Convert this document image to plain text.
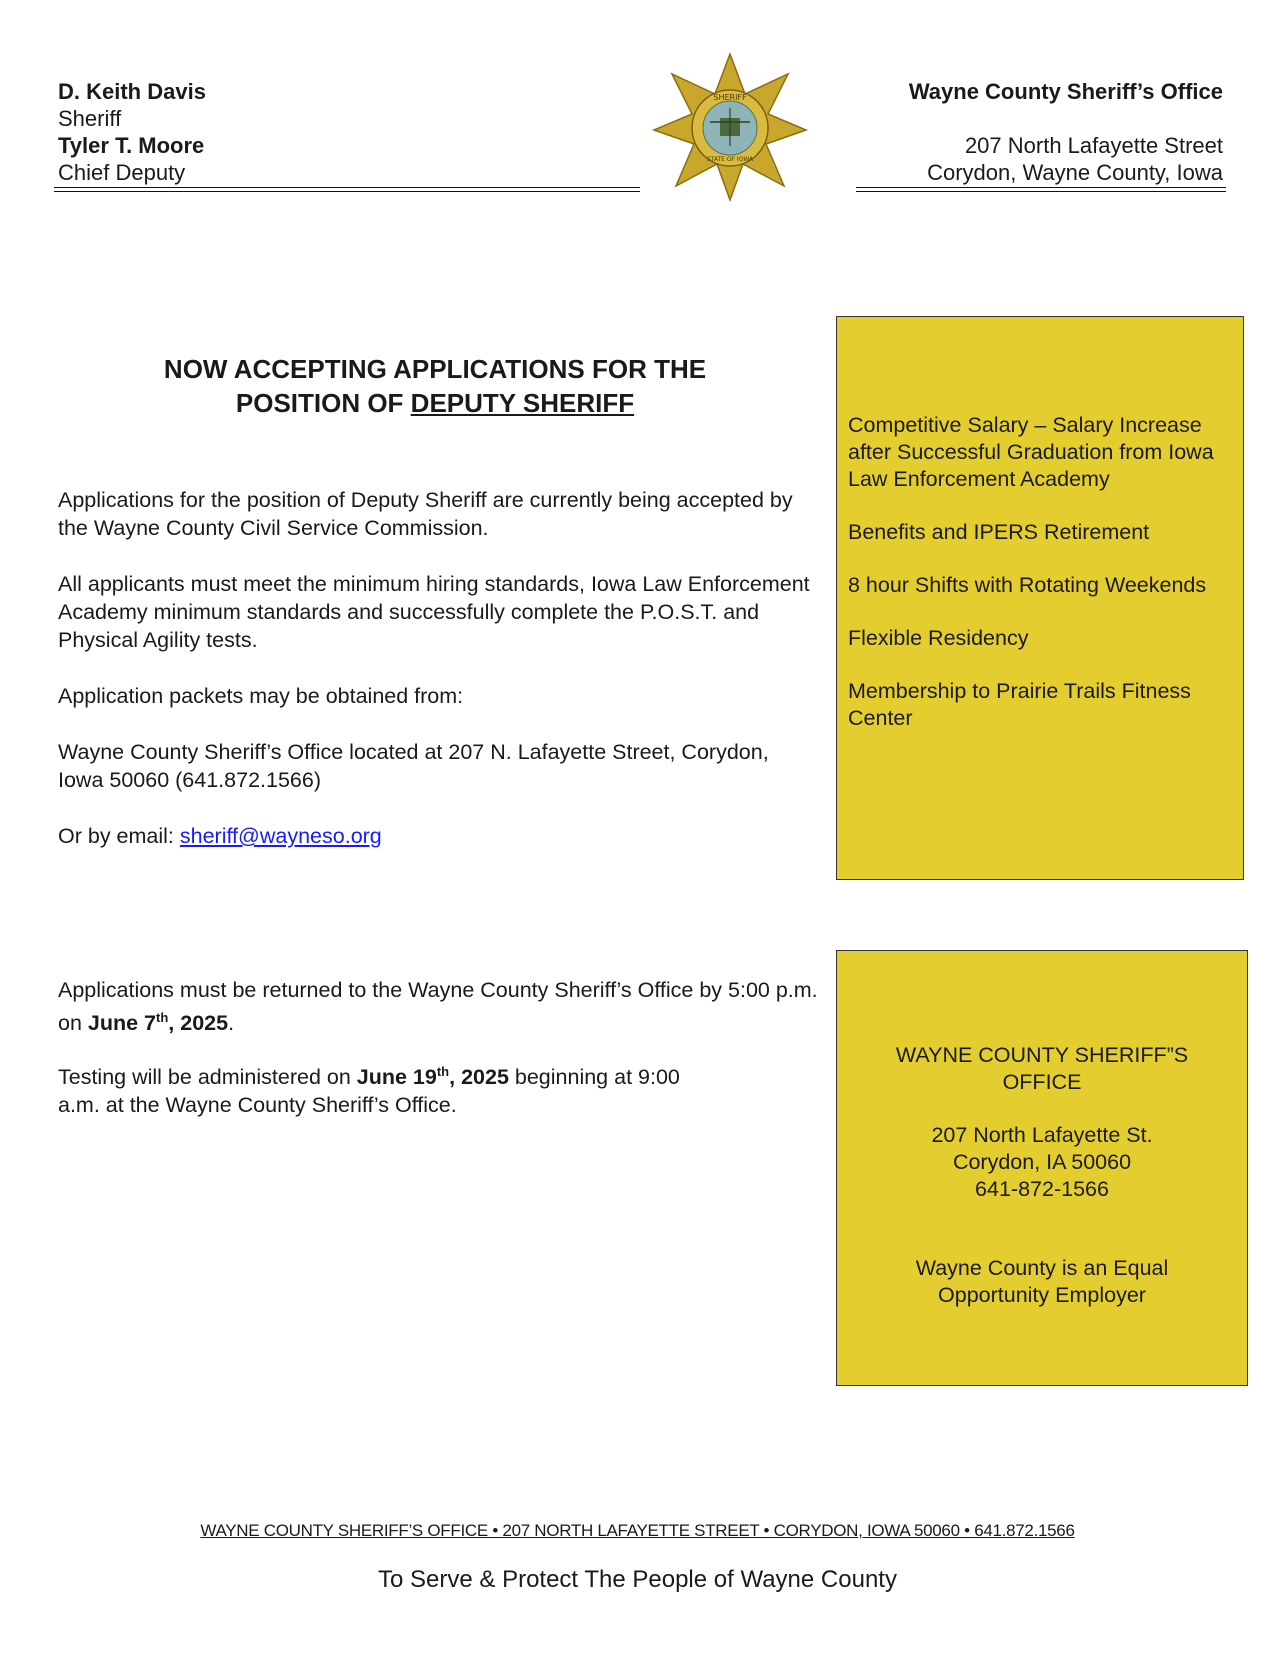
D. Keith Davis
Sheriff
Tyler T. Moore
Chief Deputy
SHERIFF
STATE OF IOWA
Wayne County Sheriff’s Office
207 North Lafayette Street
Corydon, Wayne County, Iowa
NOW ACCEPTING APPLICATIONS FOR THE
POSITION OF DEPUTY SHERIFF
Applications for the position of Deputy Sheriff are currently being accepted by the Wayne County Civil Service Commission.
All applicants must meet the minimum hiring standards, Iowa Law Enforcement Academy minimum standards and successfully complete the P.O.S.T. and Physical Agility tests.
Application packets may be obtained from:
Wayne County Sheriff’s Office located at 207 N. Lafayette Street, Corydon, Iowa 50060 (641.872.1566)
Or by email: sheriff@wayneso.org
Applications must be returned to the Wayne County Sheriff’s Office by 5:00 p.m. on June 7th, 2025.
Testing will be administered on June 19th, 2025 beginning at 9:00 a.m. at the Wayne County Sheriff’s Office.
Competitive Salary – Salary Increase after Successful Graduation from Iowa Law Enforcement Academy
Benefits and IPERS Retirement
8 hour Shifts with Rotating Weekends
Flexible Residency
Membership to Prairie Trails Fitness Center
WAYNE COUNTY SHERIFF”S
OFFICE
207 North Lafayette St.
Corydon, IA 50060
641-872-1566
Wayne County is an Equal
Opportunity Employer
WAYNE COUNTY SHERIFF’S OFFICE • 207 NORTH LAFAYETTE STREET • CORYDON, IOWA 50060 • 641.872.1566
To Serve & Protect The People of Wayne County
